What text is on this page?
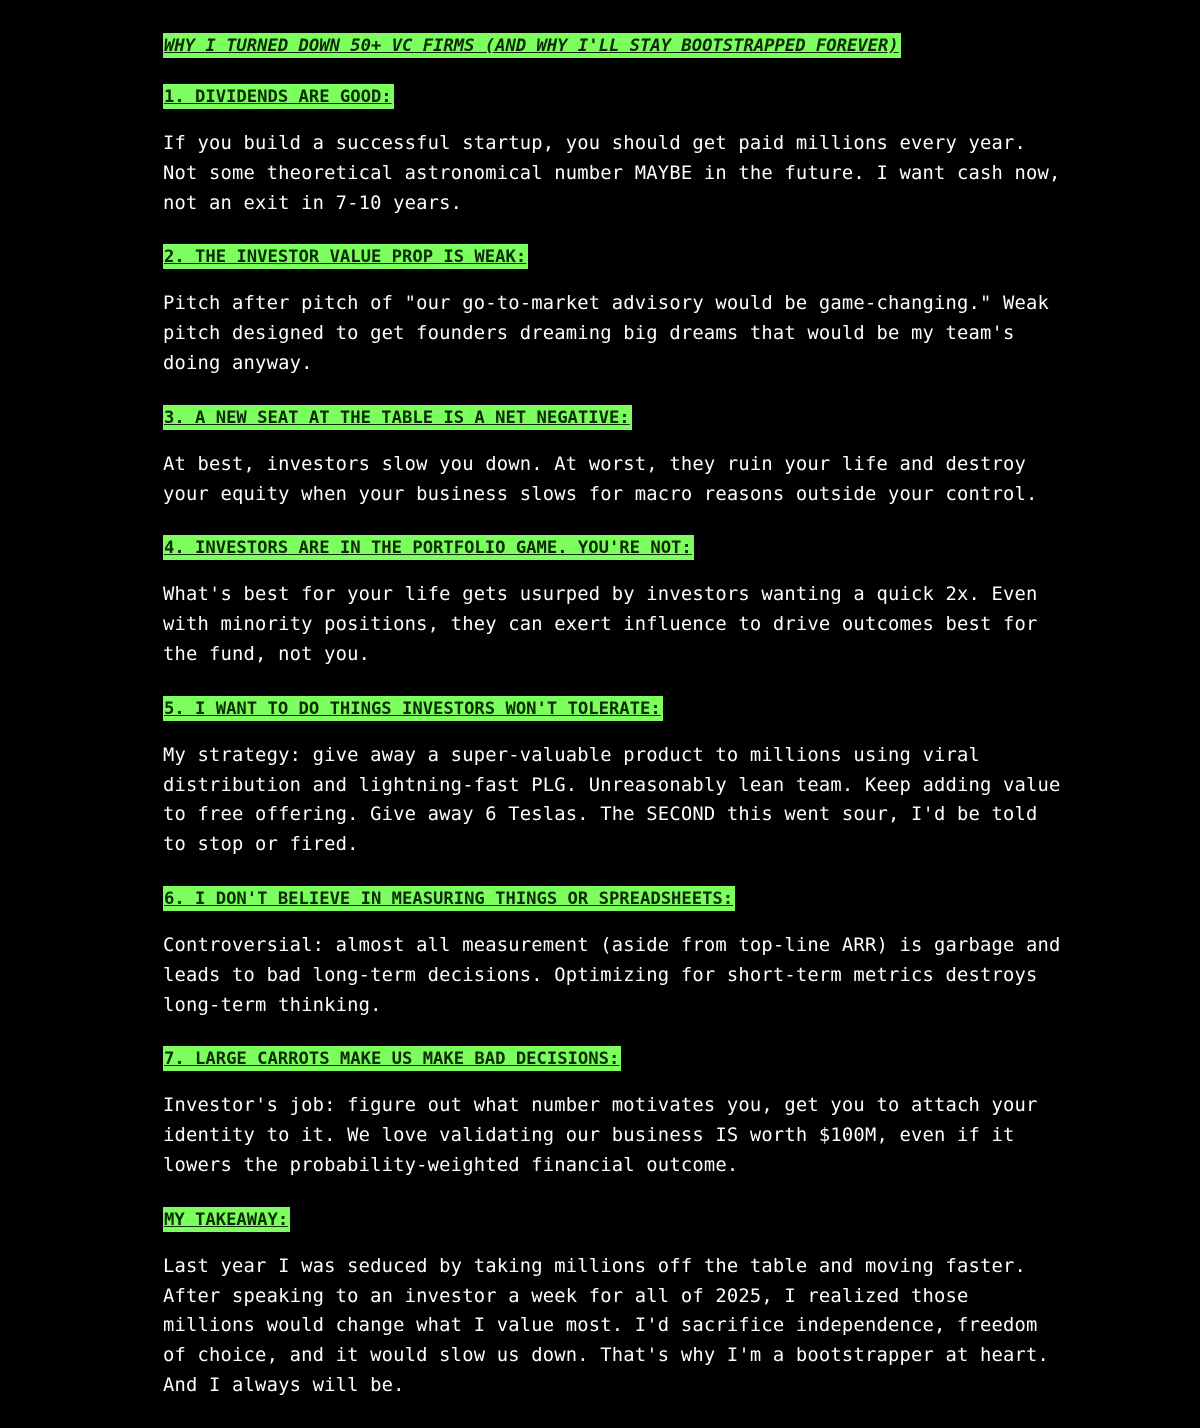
WHY I TURNED DOWN 50+ VC FIRMS (AND WHY I'LL STAY BOOTSTRAPPED FOREVER)
1. DIVIDENDS ARE GOOD:

If you build a successful startup, you should get paid millions every year.
Not some theoretical astronomical number MAYBE in the future. I want cash now,
not an exit in 7-10 years.

2. THE INVESTOR VALUE PROP IS WEAK:

Pitch after pitch of "our go-to-market advisory would be game-changing." Weak
pitch designed to get founders dreaming big dreams that would be my team's
doing anyway.

3. A NEW SEAT AT THE TABLE IS A NET NEGATIVE:

At best, investors slow you down. At worst, they ruin your life and destroy
your equity when your business slows for macro reasons outside your control.

4. INVESTORS ARE IN THE PORTFOLIO GAME. YOU'RE NOT:

What's best for your life gets usurped by investors wanting a quick 2x. Even
with minority positions, they can exert influence to drive outcomes best for
the fund, not you.

5. I WANT TO DO THINGS INVESTORS WON'T TOLERATE:

My strategy: give away a super-valuable product to millions using viral
distribution and lightning-fast PLG. Unreasonably lean team. Keep adding value
to free offering. Give away 6 Teslas. The SECOND this went sour, I'd be told
to stop or fired.

6. I DON'T BELIEVE IN MEASURING THINGS OR SPREADSHEETS:

Controversial: almost all measurement (aside from top-line ARR) is garbage and
leads to bad long-term decisions. Optimizing for short-term metrics destroys
long-term thinking.

7. LARGE CARROTS MAKE US MAKE BAD DECISIONS:

Investor's job: figure out what number motivates you, get you to attach your
identity to it. We love validating our business IS worth $100M, even if it
lowers the probability-weighted financial outcome.

MY TAKEAWAY:

Last year I was seduced by taking millions off the table and moving faster.
After speaking to an investor a week for all of 2025, I realized those
millions would change what I value most. I'd sacrifice independence, freedom
of choice, and it would slow us down. That's why I'm a bootstrapper at heart.
And I always will be.
